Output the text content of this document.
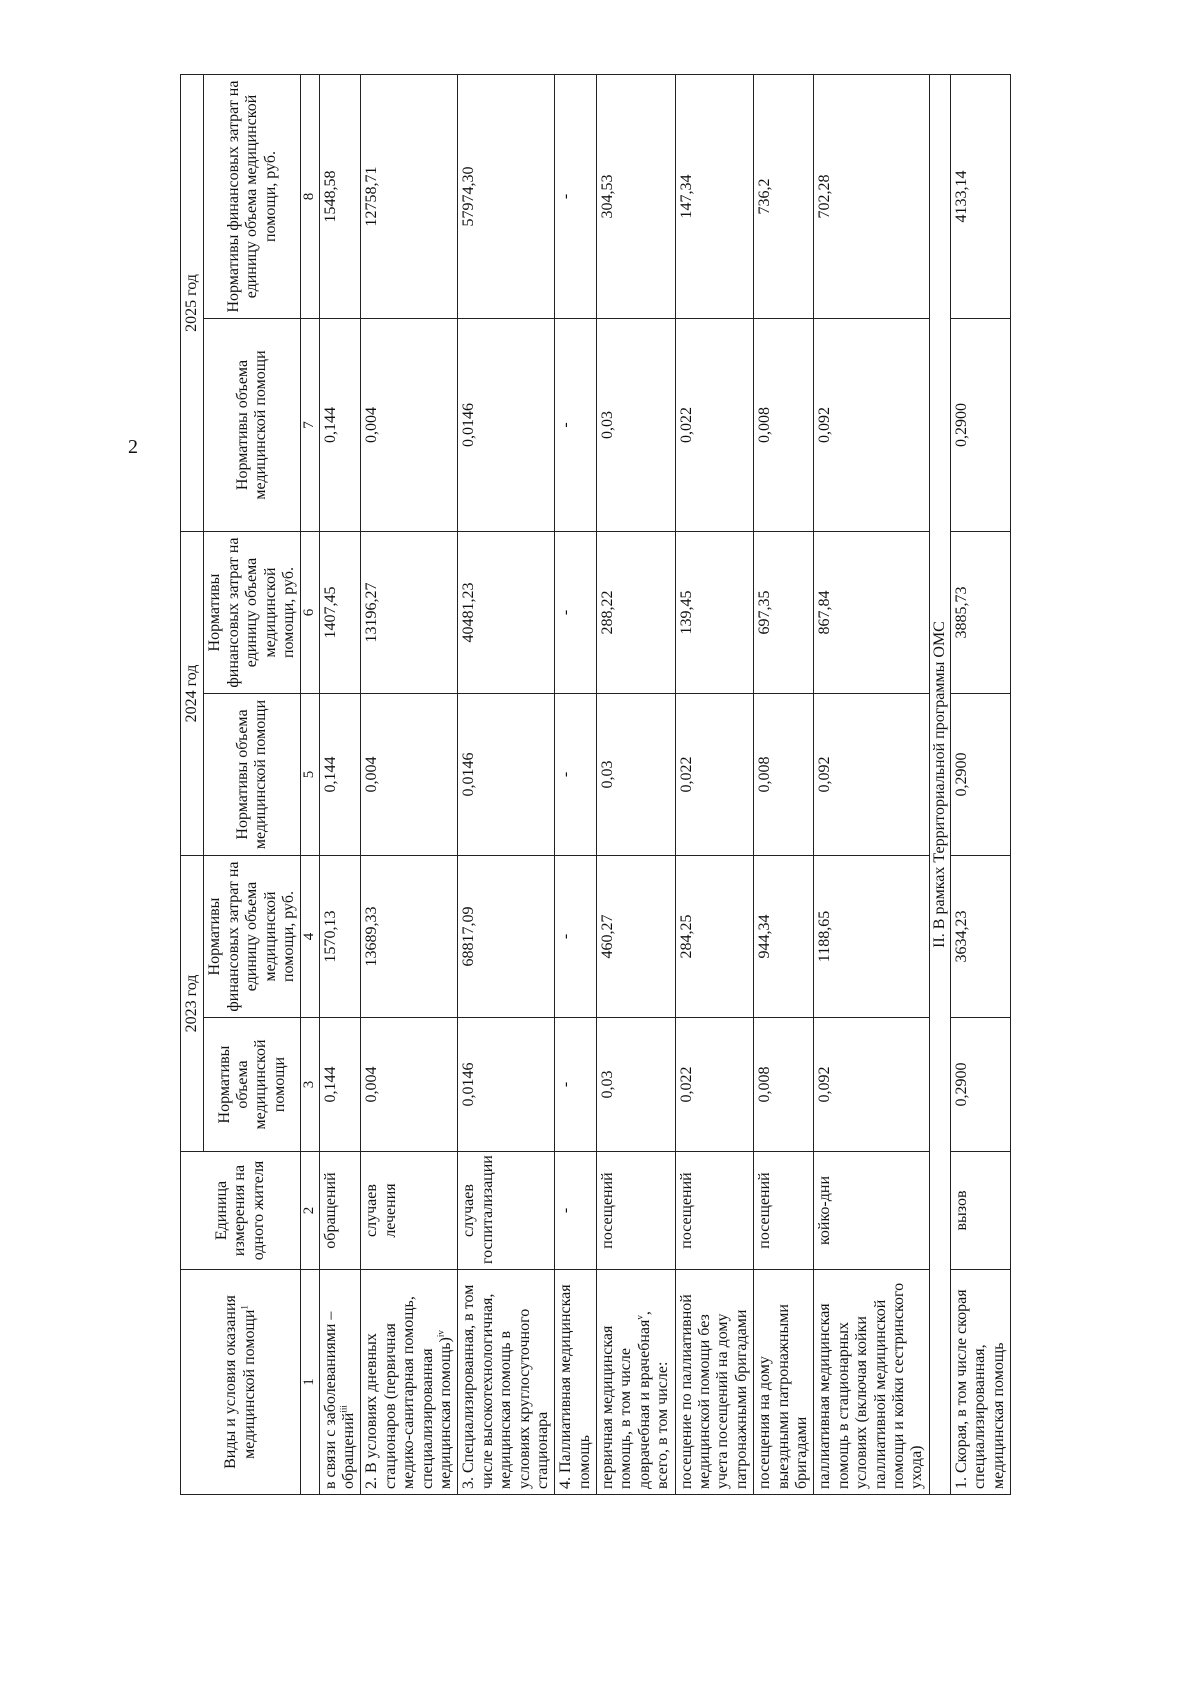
2
Виды и условия оказания медицинской помощи$^1$	Единица измерения на одного жителя	2023 год		2024 год		2025 год	
		Нормативы объема медицинской помощи	Нормативы финансовых затрат на единицу объема медицинской помощи, руб.	Нормативы объема медицинской помощи	Нормативы финансовых затрат на единицу объема медицинской помощи, руб.	Нормативы объема медицинской помощи	Нормативы финансовых затрат на единицу объема медицинской помощи, руб.
1	2	3	4	5	6	7	8
в связи с заболеваниями – обращений$^{iii}$	обращений	0,144	1570,13	0,144	1407,45	0,144	1548,58
2. В условиях дневных стационаров (первичная медико-санитарная помощь, специализированная медицинская помощь)$^{iv}$	случаев лечения	0,004	13689,33	0,004	13196,27	0,004	12758,71
3. Специализированная, в том числе высокотехнологичная, медицинская помощь в условиях круглосуточного стационара	случаев госпитализации	0,0146	68817,09	0,0146	40481,23	0,0146	57974,30
4. Паллиативная медицинская помощь	-	-	-	-	-	-	-
первичная медицинская помощь, в том числе доврачебная и врачебная$^v$, всего, в том числе:	посещений	0,03	460,27	0,03	288,22	0,03	304,53
посещение по паллиативной медицинской помощи без учета посещений на дому патронажными бригадами	посещений	0,022	284,25	0,022	139,45	0,022	147,34
посещения на дому выездными патронажными бригадами	посещений	0,008	944,34	0,008	697,35	0,008	736,2
паллиативная медицинская помощь в стационарных условиях (включая койки паллиативной медицинской помощи и койки сестринского ухода)	койко-дни	0,092	1188,65	0,092	867,84	0,092	702,28
II. В рамках Территориальной программы ОМС							
1. Скорая, в том числе скорая специализированная, медицинская помощь	вызов	0,2900	3634,23	0,2900	3885,73	0,2900	4133,14
